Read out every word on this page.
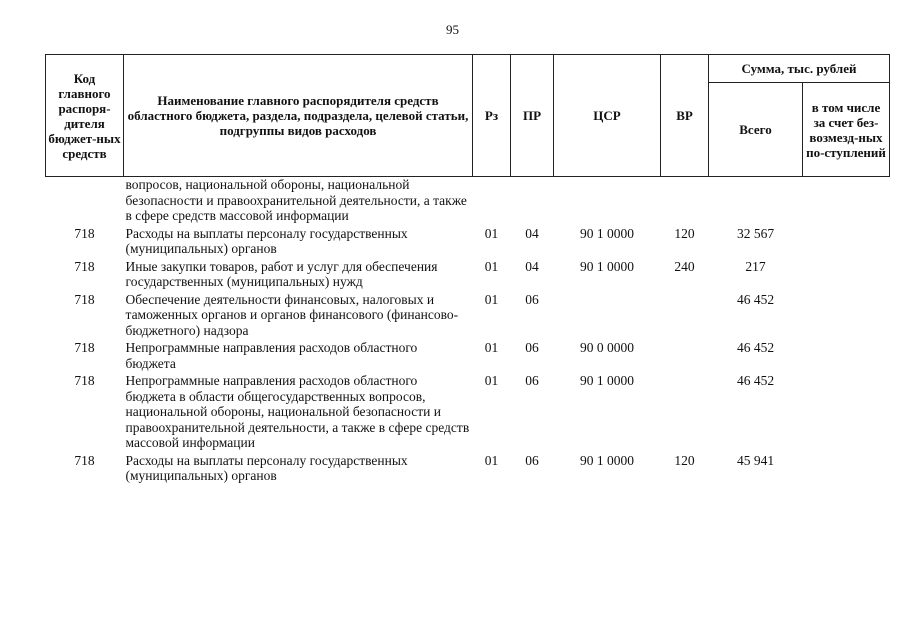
95
Код главного распоря-дителя бюджет-ных средств	Наименование главного распорядителя средств областного бюджета, раздела, подраздела, целевой статьи, подгруппы видов расходов	Рз	ПР	ЦСР	ВР	Сумма, тыс. рублей	
						Всего	в том числе за счет без-возмезд-ных по-ступлений
	вопросов, национальной обороны, национальной безопасности и правоохранительной деятельности, а также в сфере средств массовой информации						
718	Расходы на выплаты персоналу государственных (муниципальных) органов	01	04	90 1 0000	120	32 567	
718	Иные закупки товаров, работ и услуг для обеспечения государственных (муниципальных) нужд	01	04	90 1 0000	240	217	
718	Обеспечение деятельности финансовых, налоговых и таможенных органов и органов финансового (финансово-бюджетного) надзора	01	06			46 452	
718	Непрограммные направления расходов областного бюджета	01	06	90 0 0000		46 452	
718	Непрограммные направления расходов областного бюджета в области общегосударственных вопросов, национальной обороны, национальной безопасности и правоохранительной деятельности, а также в сфере средств массовой информации	01	06	90 1 0000		46 452	
718	Расходы на выплаты персоналу государственных (муниципальных) органов	01	06	90 1 0000	120	45 941	
